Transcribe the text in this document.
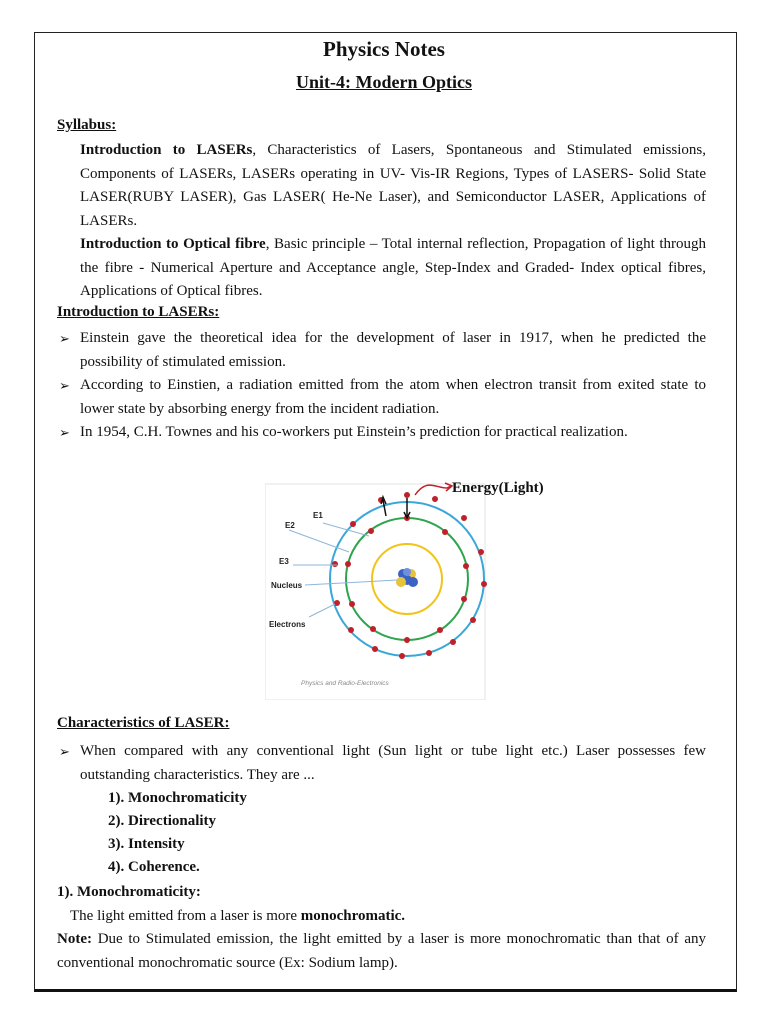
Physics Notes
Unit-4: Modern Optics
Syllabus:
Introduction to LASERs, Characteristics of Lasers, Spontaneous and Stimulated emissions, Components of LASERs, LASERs operating in UV- Vis-IR Regions, Types of LASERS- Solid State LASER(RUBY LASER), Gas LASER( He-Ne Laser), and Semiconductor LASER, Applications of LASERs.
Introduction to Optical fibre, Basic principle – Total internal reflection, Propagation of light through the fibre - Numerical Aperture and Acceptance angle, Step-Index and Graded- Index optical fibres, Applications of Optical fibres.
Introduction to LASERs:
➢ Einstein gave the theoretical idea for the development of laser in 1917, when he predicted the possibility of stimulated emission.
➢ According to Einstien, a radiation emitted from the atom when electron transit from exited state to lower state by absorbing energy from the incident radiation.
➢ In 1954, C.H. Townes and his co-workers put Einstein’s prediction for practical realization.
Energy(Light)
E1
E2
E3
Nucleus
Electrons
Physics and Radio-Electronics
Characteristics of LASER:
➢ When compared with any conventional light (Sun light or tube light etc.) Laser possesses few outstanding characteristics. They are ...
1). Monochromaticity
2). Directionality
3). Intensity
4). Coherence.
1). Monochromaticity:
The light emitted from a laser is more monochromatic.
Note: Due to Stimulated emission, the light emitted by a laser is more monochromatic than that of any conventional monochromatic source (Ex: Sodium lamp).
